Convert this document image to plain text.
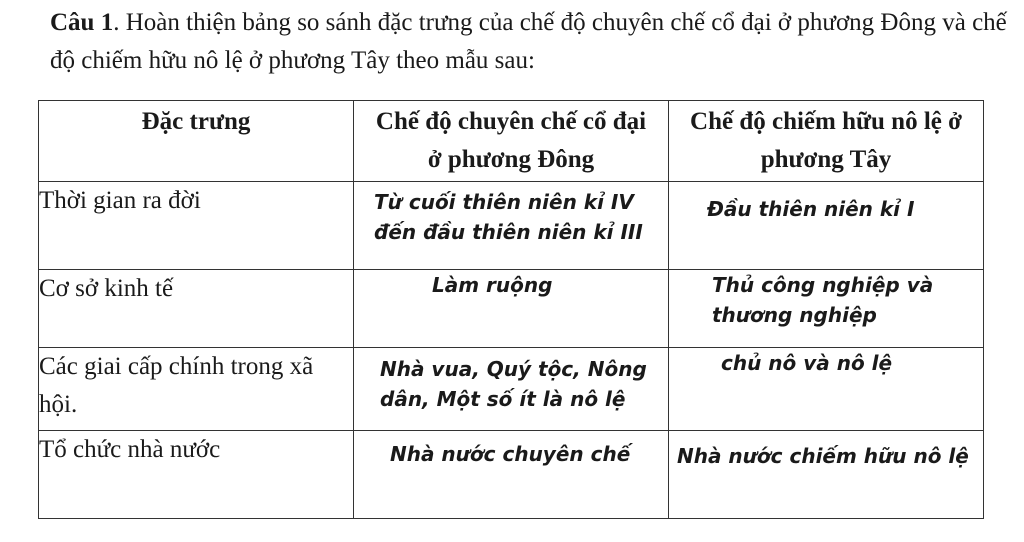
Câu 1. Hoàn thiện bảng so sánh đặc trưng của chế độ chuyên chế cổ đại ở phương Đông và chế độ chiếm hữu nô lệ ở phương Tây theo mẫu sau:
Đặc trưng	Chế độ chuyên chế cổ đại ở phương Đông	Chế độ chiếm hữu nô lệ ở phương Tây
Thời gian ra đời	Từ cuối thiên niên kỉ IV đến đầu thiên niên kỉ III	Đầu thiên niên kỉ I
Cơ sở kinh tế	Làm ruộng	Thủ công nghiệp và thương nghiệp
Các giai cấp chính trong xã hội.	Nhà vua, Quý tộc, Nông dân, Một số ít là nô lệ	chủ nô và nô lệ
Tổ chức nhà nước	Nhà nước chuyên chế	Nhà nước chiếm hữu nô lệ
